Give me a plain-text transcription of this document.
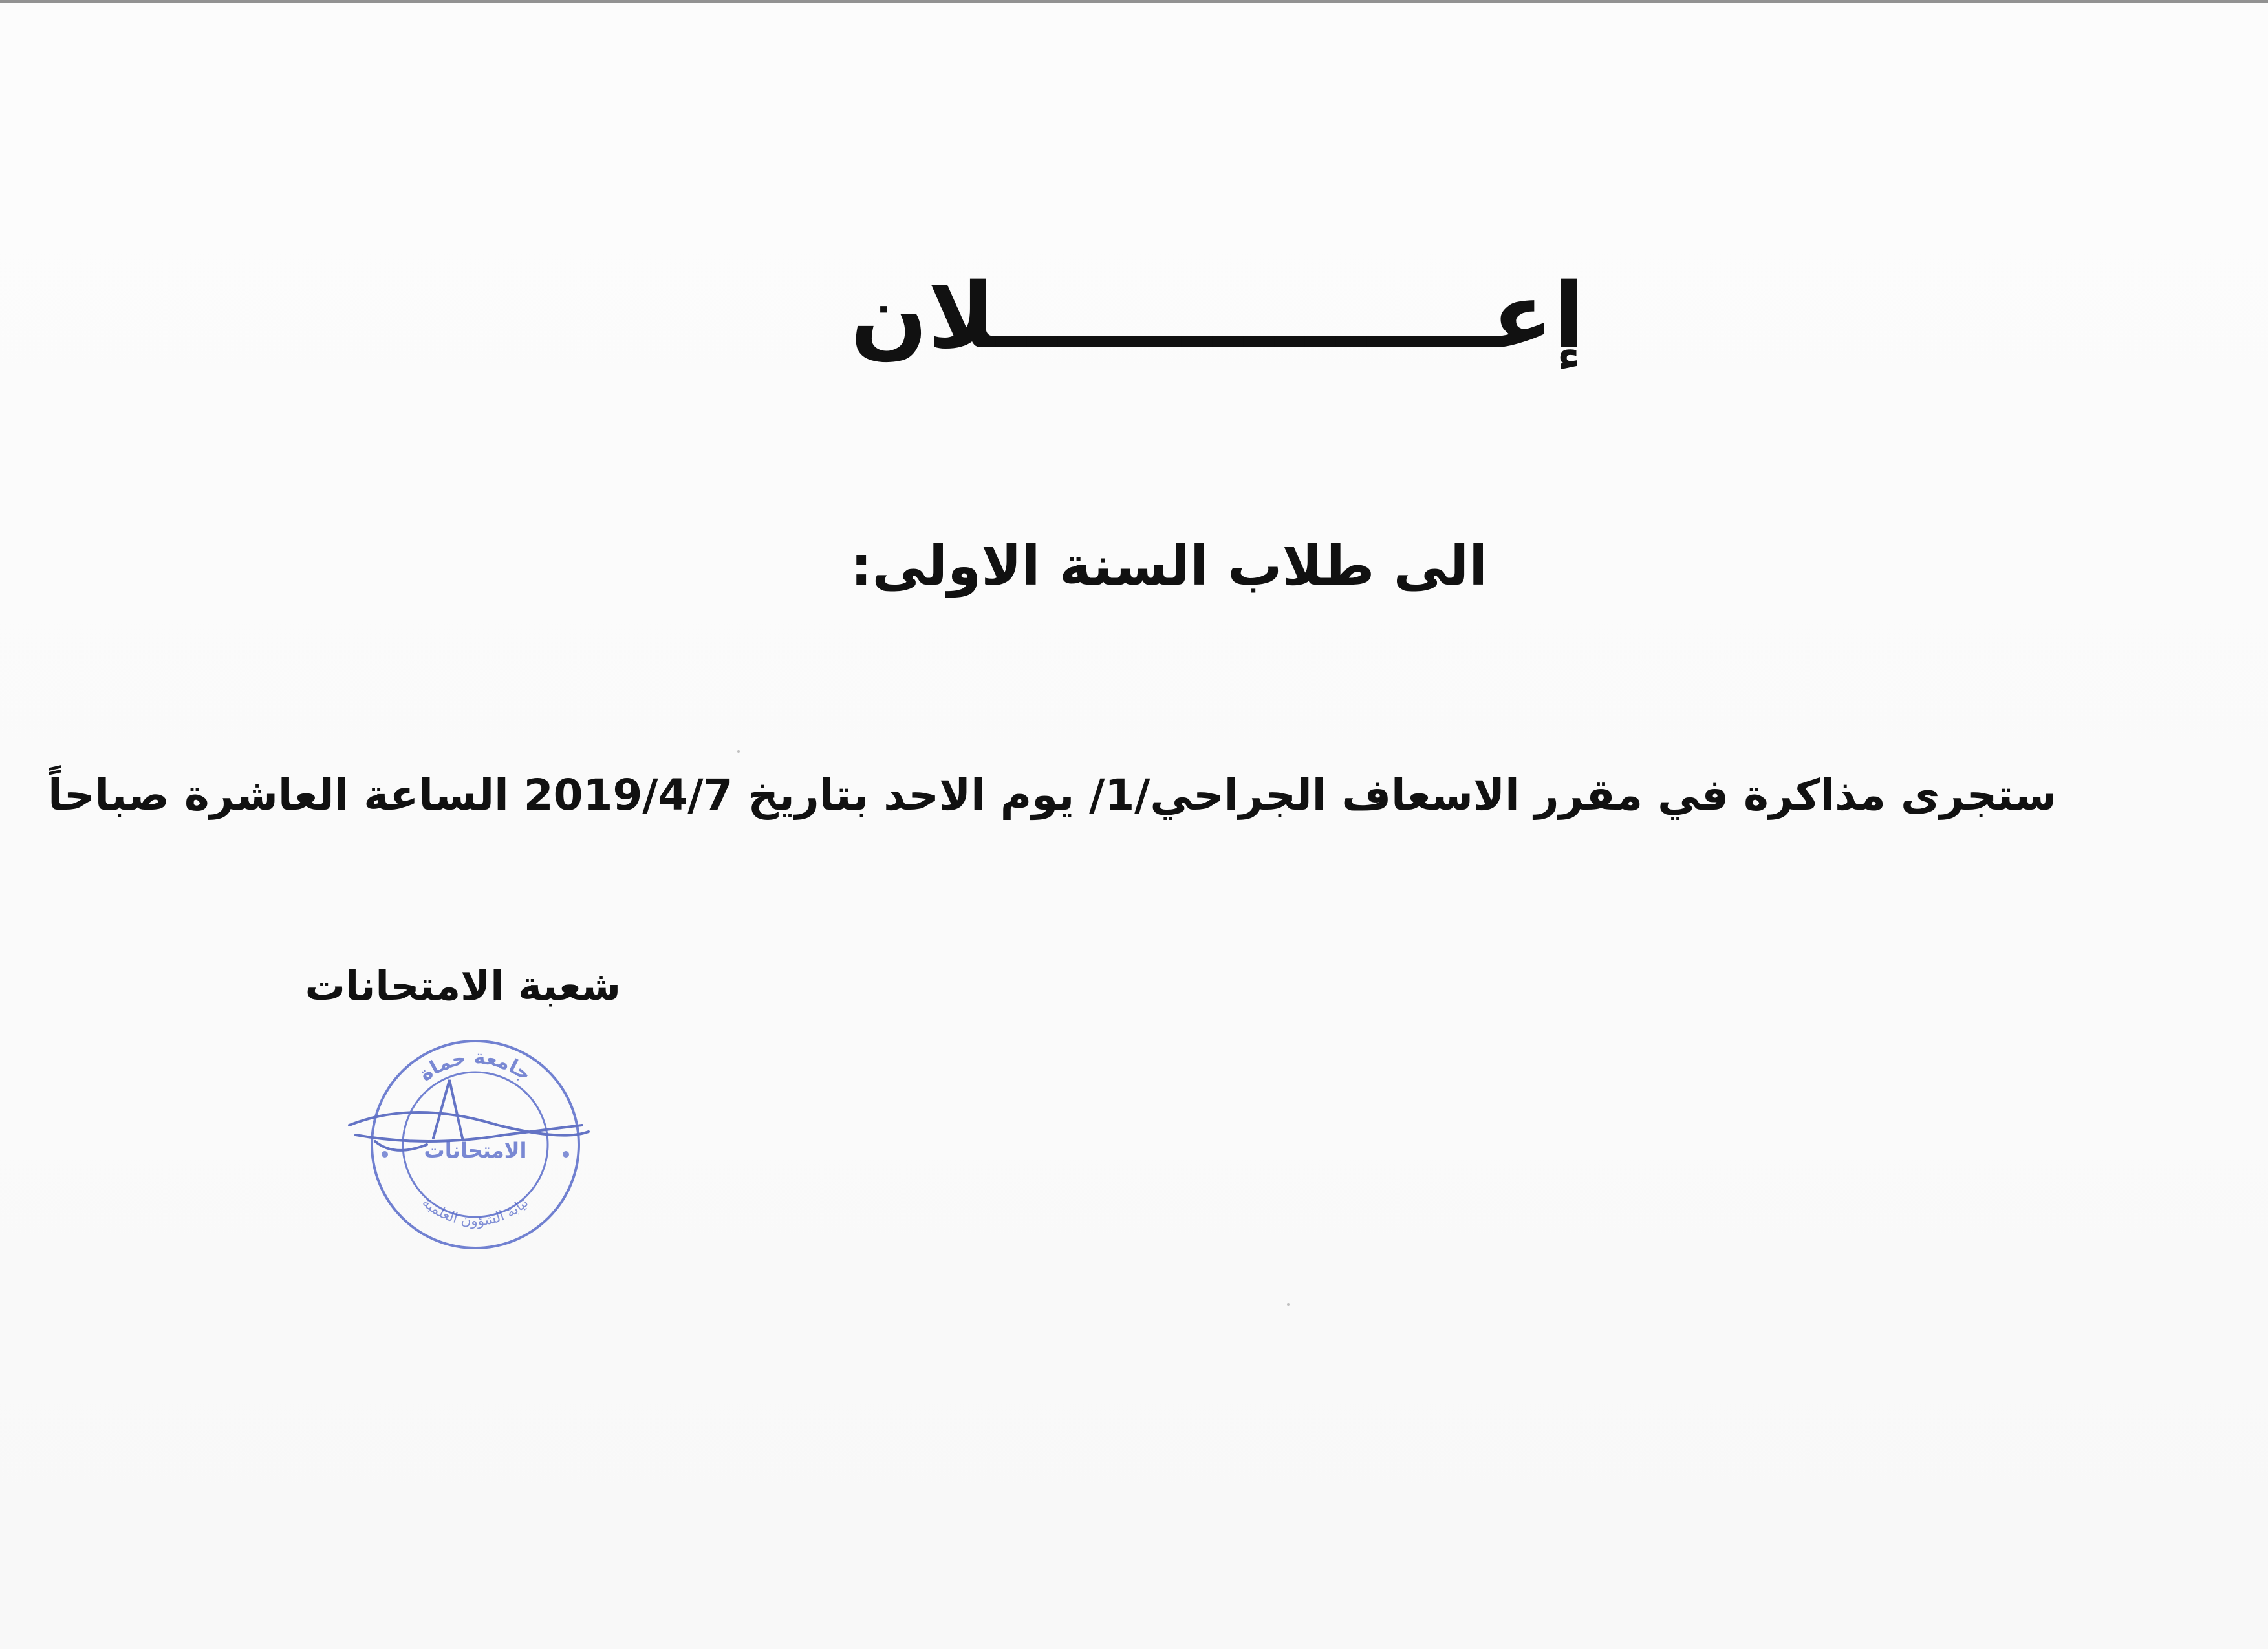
إعــــــــــــــــلان
الى طلاب السنة الاولى:
ستجرى مذاكرة في مقرر الاسعاف الجراحي/1/ يوم الاحد بتاريخ 2019/4/7 الساعة العاشرة صباحاً
شعبة الامتحانات
جامعة حماة
الامتحانات
نيابة الشؤون العلمية
